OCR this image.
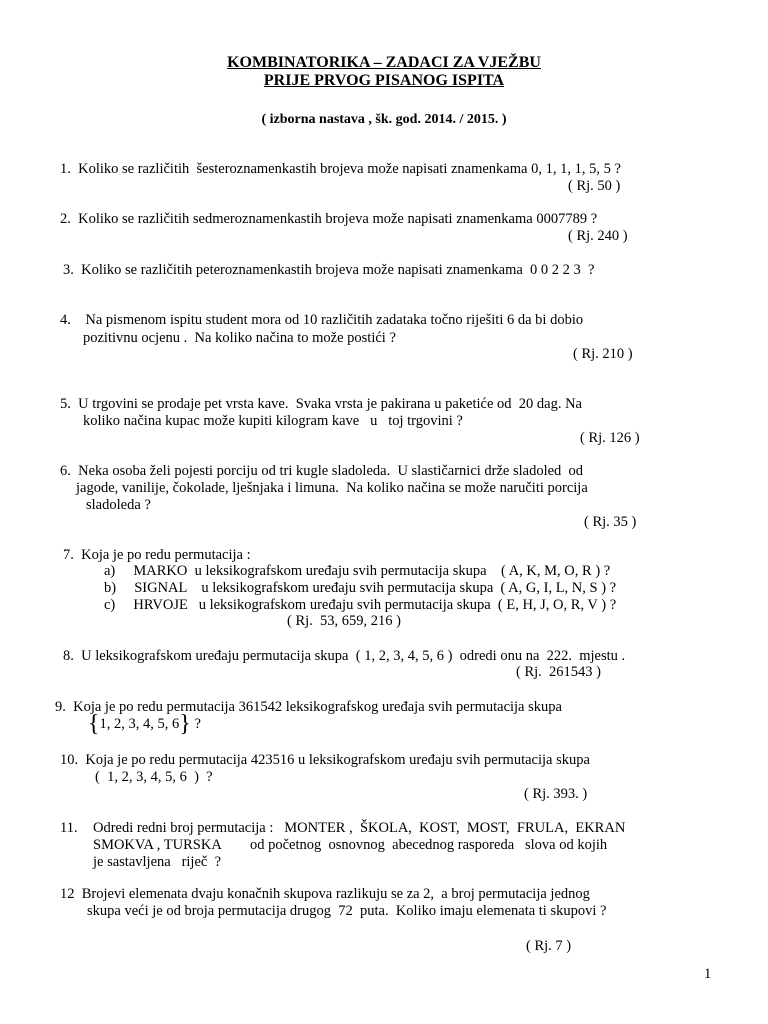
KOMBINATORIKA – ZADACI ZA VJEŽBU
PRIJE PRVOG PISANOG ISPITA
( izborna nastava , šk. god. 2014. / 2015. )
1.  Koliko se različitih  šesteroznamenkastih brojeva može napisati znamenkama 0, 1, 1, 1, 5, 5 ?
( Rj. 50 )
2.  Koliko se različitih sedmeroznamenkastih brojeva može napisati znamenkama 0007789 ?
( Rj. 240 )
3.  Koliko se različitih peteroznamenkastih brojeva može napisati znamenkama  0 0 2 2 3  ?
4.    Na pismenom ispitu student mora od 10 različitih zadataka točno riješiti 6 da bi dobio
pozitivnu ocjenu .  Na koliko načina to može postići ?
( Rj. 210 )
5.  U trgovini se prodaje pet vrsta kave.  Svaka vrsta je pakirana u paketiće od  20 dag. Na
koliko načina kupac može kupiti kilogram kave   u   toj trgovini ?
( Rj. 126 )
6.  Neka osoba želi pojesti porciju od tri kugle sladoleda.  U slastičarnici drže sladoled  od
jagode, vanilije, čokolade, lješnjaka i limuna.  Na koliko načina se može naručiti porcija
sladoleda ?
( Rj. 35 )
7.  Koja je po redu permutacija :
a)     MARKO  u leksikografskom uređaju svih permutacija skupa    ( A, K, M, O, R ) ?
b)     SIGNAL    u leksikografskom uređaju svih permutacija skupa  ( A, G, I, L, N, S ) ?
c)     HRVOJE   u leksikografskom uređaju svih permutacija skupa  ( E, H, J, O, R, V ) ?
( Rj.  53, 659, 216 )
8.  U leksikografskom uređaju permutacija skupa  ( 1, 2, 3, 4, 5, 6 )  odredi onu na  222.  mjestu .
( Rj.  261543 )
9.  Koja je po redu permutacija 361542 leksikografskog uređaja svih permutacija skupa
{1, 2, 3, 4, 5, 6} ?
10.  Koja je po redu permutacija 423516 u leksikografskom uređaju svih permutacija skupa
(  1, 2, 3, 4, 5, 6  )  ?
( Rj. 393. )
11. Odredi redni broj permutacija :   MONTER ,  ŠKOLA,  KOST,  MOST,  FRULA,  EKRAN
SMOKVA , TURSKA        od početnog  osnovnog  abecednog rasporeda   slova od kojih
je sastavljena   riječ  ?
12  Brojevi elemenata dvaju konačnih skupova razlikuju se za 2,  a broj permutacija jednog
skupa veći je od broja permutacija drugog  72  puta.  Koliko imaju elemenata ti skupovi ?
( Rj. 7 )
1
